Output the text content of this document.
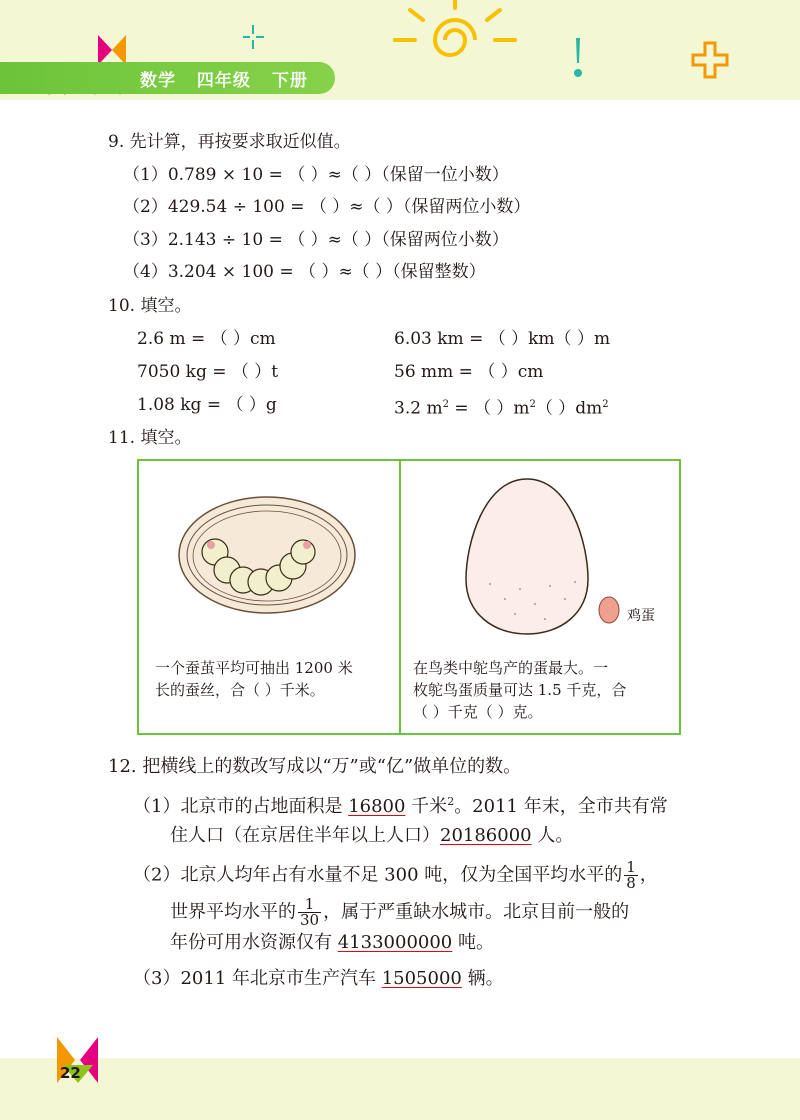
数学 四年级 下册
9. 先计算，再按要求取近似值。
（1）0.789 × 10 = （ ）≈（ ）（保留一位小数）
（2）429.54 ÷ 100 = （ ）≈（ ）（保留两位小数）
（3）2.143 ÷ 10 = （ ）≈（ ）（保留两位小数）
（4）3.204 × 100 = （ ）≈（ ）（保留整数）
10. 填空。
2.6 m = （ ）cm
7050 kg = （ ）t
1.08 kg = （ ）g
6.03 km = （ ）km（ ）m
56 mm = （ ）cm
3.2 $m^2$ = （ ）$m^2$（ ）$dm^2$
11. 填空。
一个蚕茧平均可抽出 1200 米
长的蚕丝，合（ ）千米。
鸡蛋
在鸟类中鸵鸟产的蛋最大。一
枚鸵鸟蛋质量可达 1.5 千克，合
（ ）千克（ ）克。
12. 把横线上的数改写成以“万”或“亿”做单位的数。
（1）北京市的占地面积是 16800 千米$^2$。2011 年末，全市共有常
住人口（在京居住半年以上人口）20186000 人。
（2）北京人均年占有水量不足 300 吨，仅为全国平均水平的 $\frac{1}{8}$ ，
世界平均水平的 $\frac{1}{30}$ ，属于严重缺水城市。北京目前一般的
年份可用水资源仅有 4133000000 吨。
（3）2011 年北京市生产汽车 1505000 辆。
22
